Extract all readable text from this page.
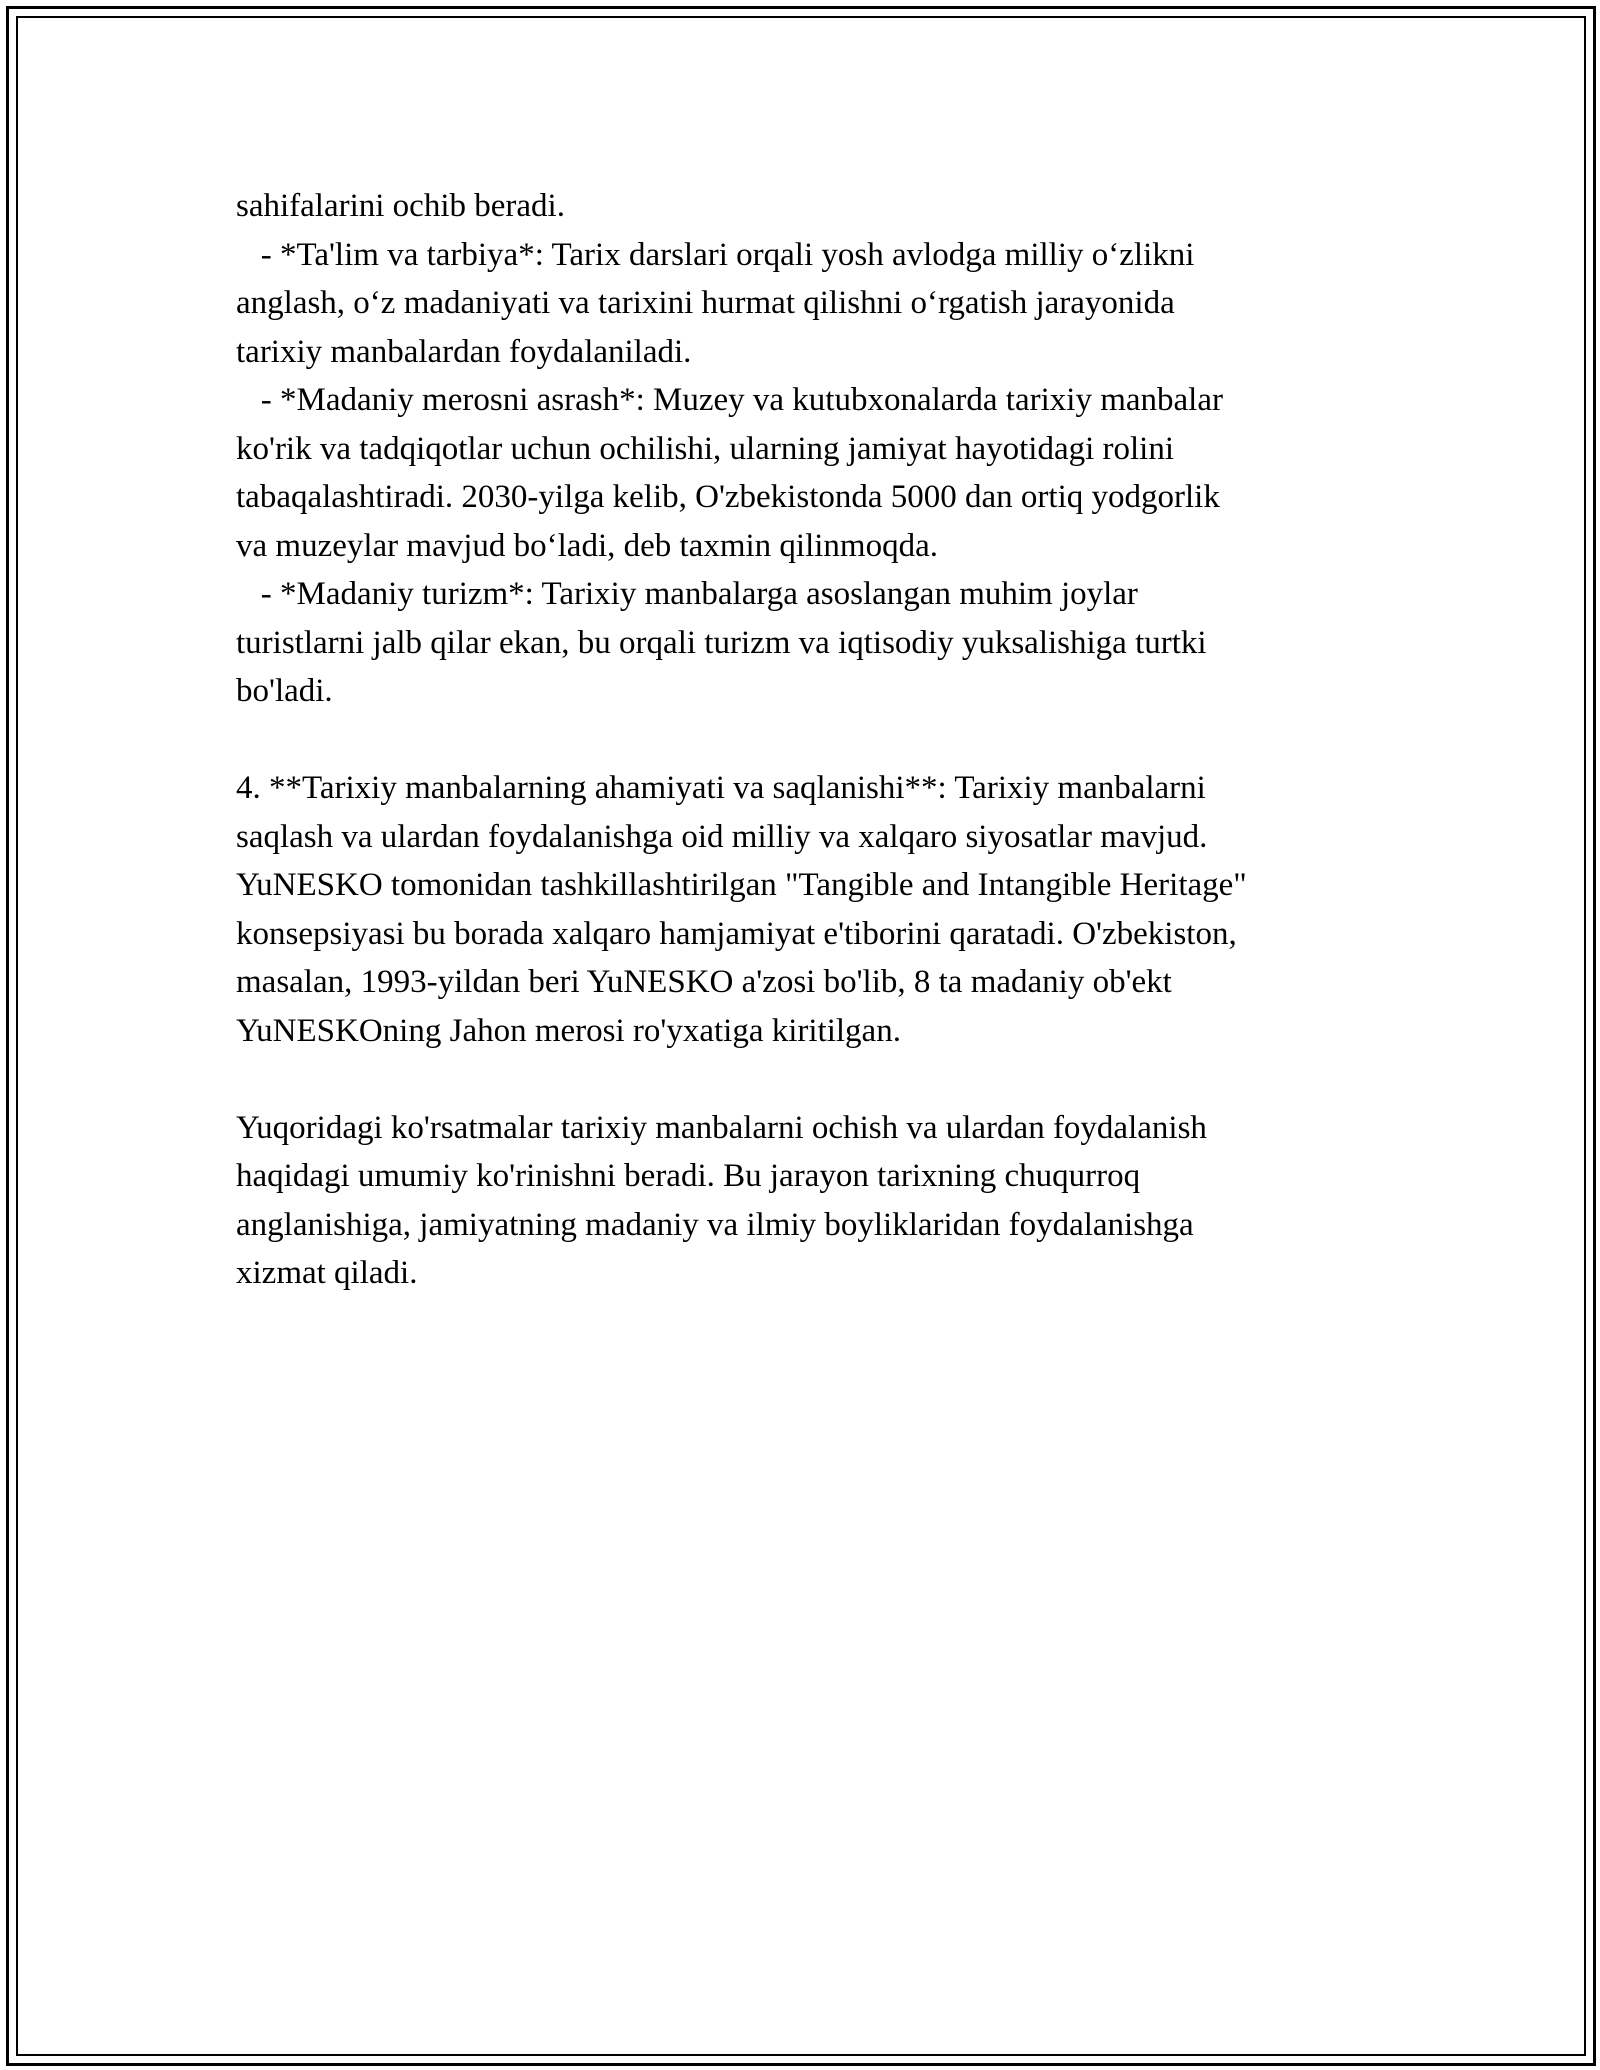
sahifalarini ochib beradi.
- *Ta'lim va tarbiya*: Tarix darslari orqali yosh avlodga milliy o‘zlikni
anglash, o‘z madaniyati va tarixini hurmat qilishni o‘rgatish jarayonida
tarixiy manbalardan foydalaniladi.
- *Madaniy merosni asrash*: Muzey va kutubxonalarda tarixiy manbalar
ko'rik va tadqiqotlar uchun ochilishi, ularning jamiyat hayotidagi rolini
tabaqalashtiradi. 2030-yilga kelib, O'zbekistonda 5000 dan ortiq yodgorlik
va muzeylar mavjud bo‘ladi, deb taxmin qilinmoqda.
- *Madaniy turizm*: Tarixiy manbalarga asoslangan muhim joylar
turistlarni jalb qilar ekan, bu orqali turizm va iqtisodiy yuksalishiga turtki
bo'ladi.
4. **Tarixiy manbalarning ahamiyati va saqlanishi**: Tarixiy manbalarni
saqlash va ulardan foydalanishga oid milliy va xalqaro siyosatlar mavjud.
YuNESKO tomonidan tashkillashtirilgan "Tangible and Intangible Heritage"
konsepsiyasi bu borada xalqaro hamjamiyat e'tiborini qaratadi. O'zbekiston,
masalan, 1993-yildan beri YuNESKO a'zosi bo'lib, 8 ta madaniy ob'ekt
YuNESKOning Jahon merosi ro'yxatiga kiritilgan.
Yuqoridagi ko'rsatmalar tarixiy manbalarni ochish va ulardan foydalanish
haqidagi umumiy ko'rinishni beradi. Bu jarayon tarixning chuqurroq
anglanishiga, jamiyatning madaniy va ilmiy boyliklaridan foydalanishga
xizmat qiladi.
